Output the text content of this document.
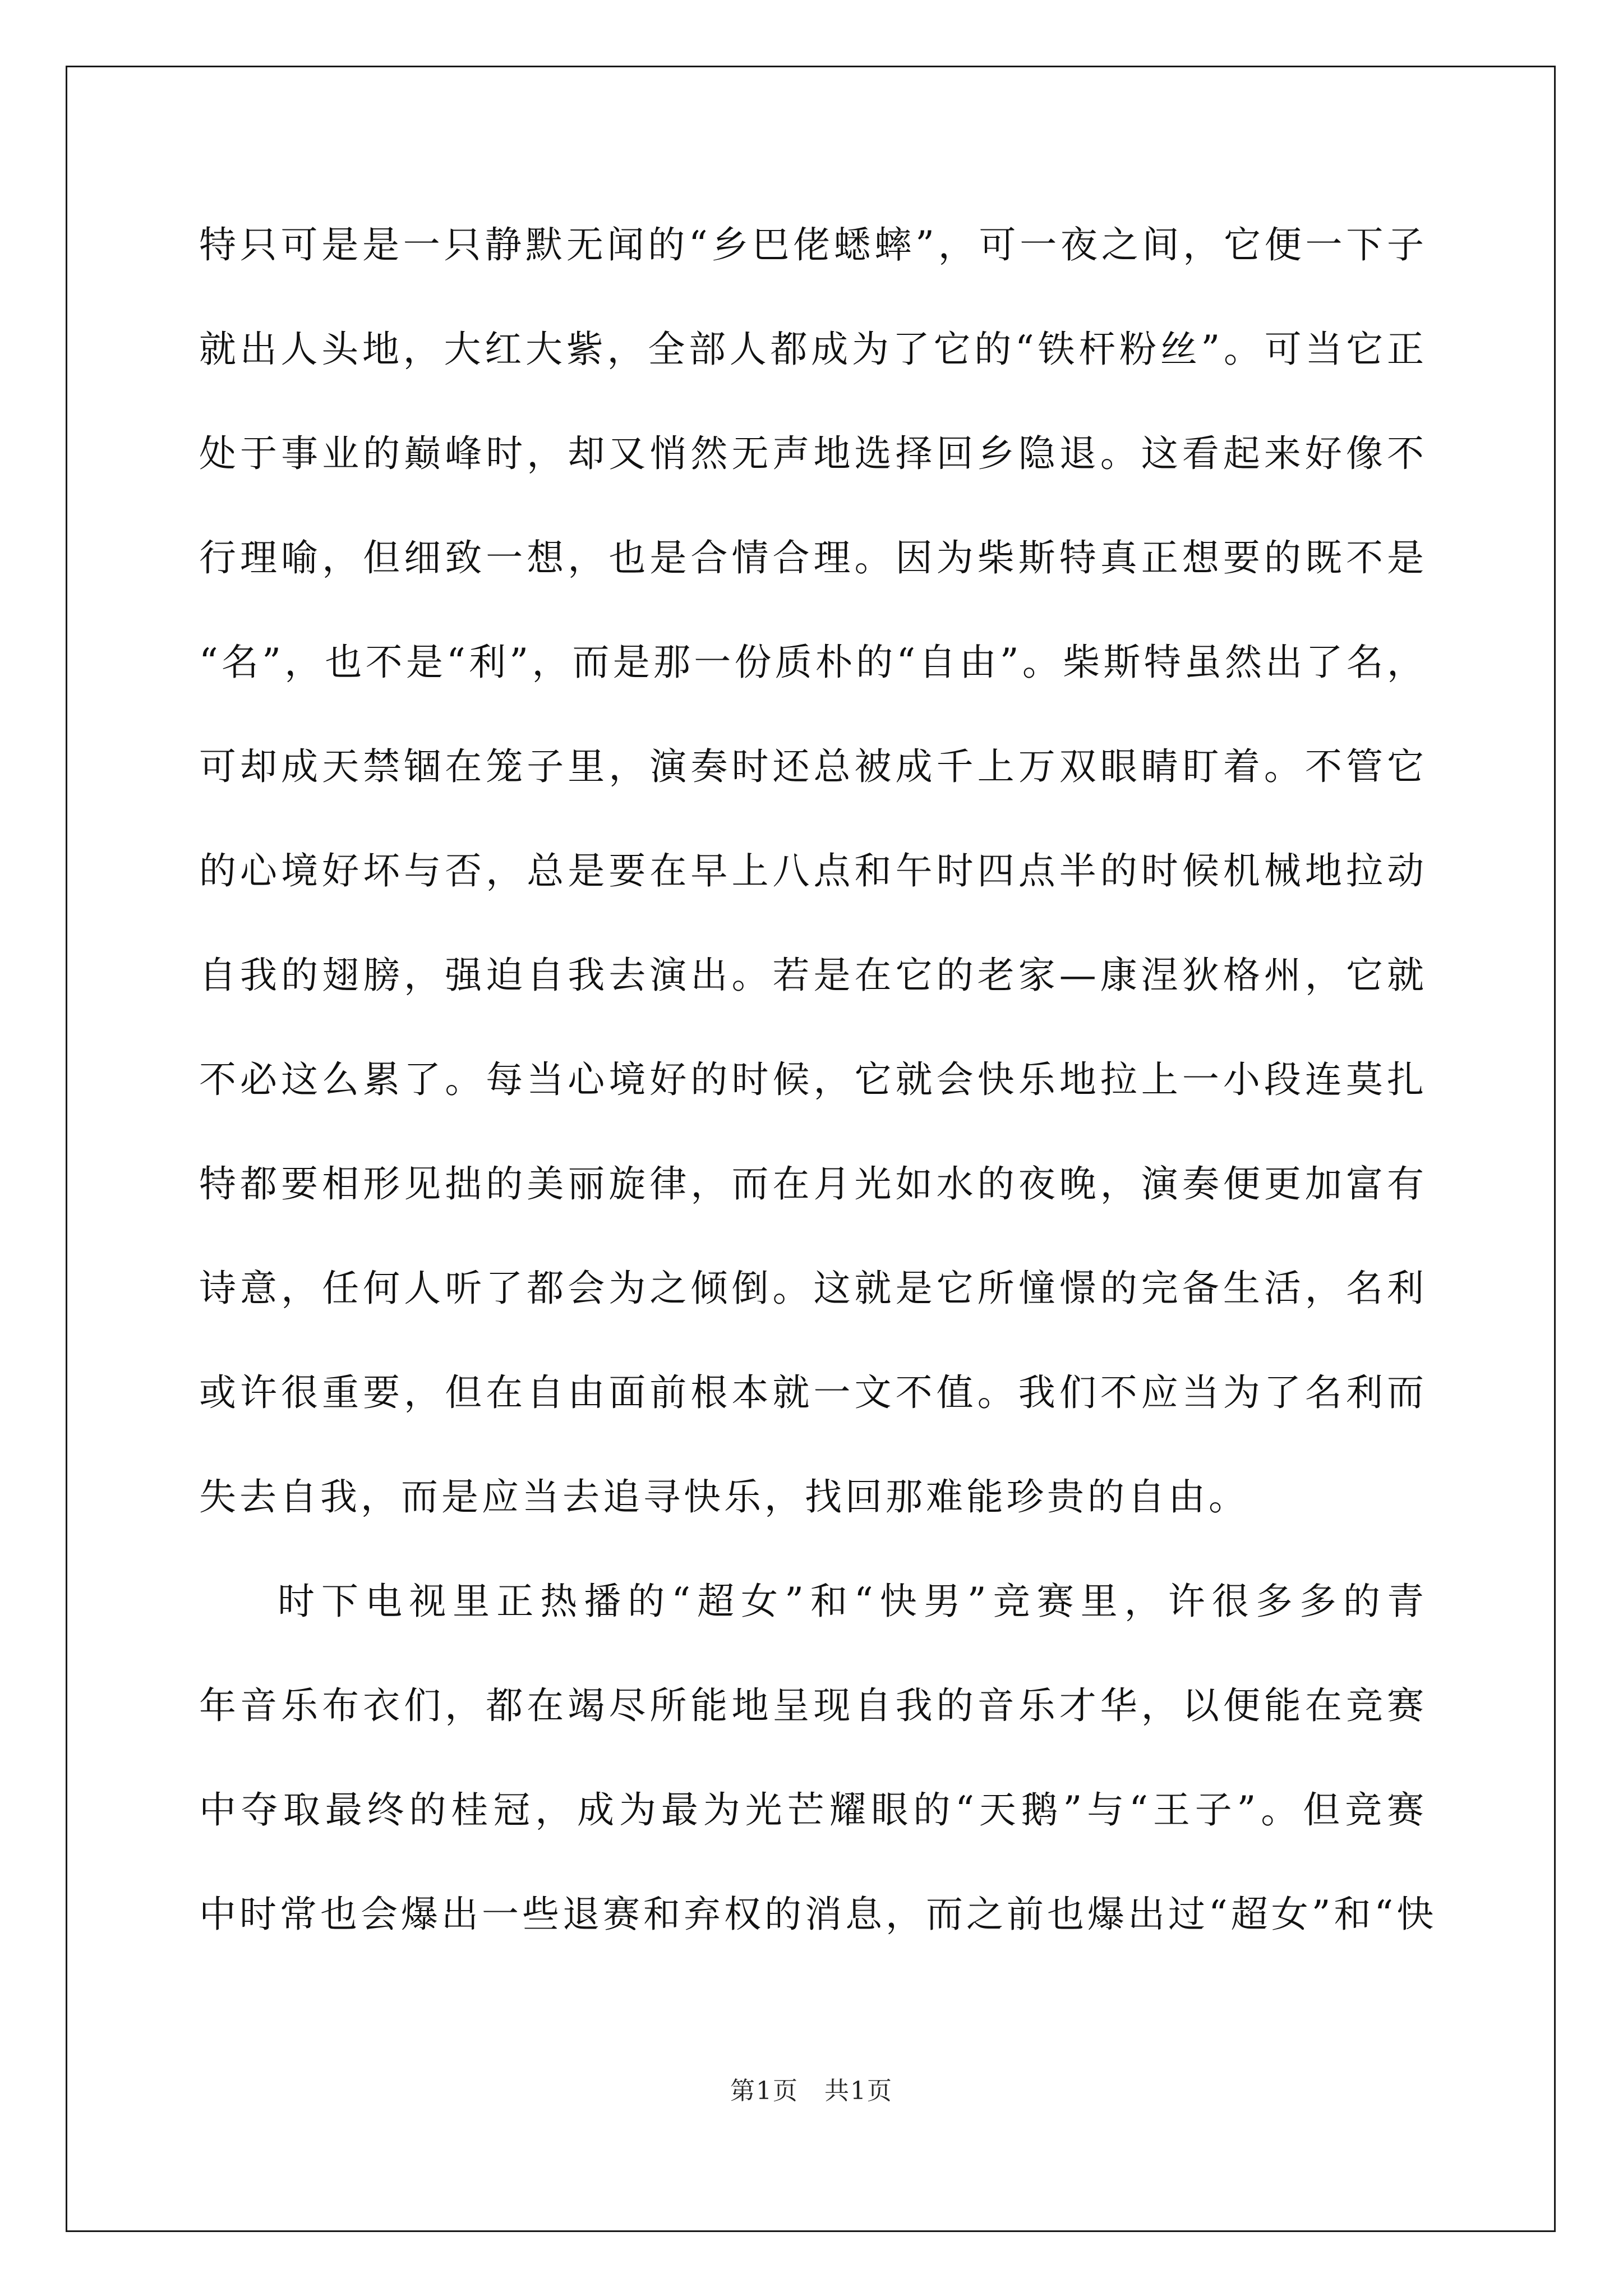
特只可是是一只静默无闻的“乡巴佬蟋蟀”，可一夜之间，它便一下子
就出人头地，大红大紫，全部人都成为了它的“铁杆粉丝”。可当它正
处于事业的巅峰时，却又悄然无声地选择回乡隐退。这看起来好像不
行理喻，但细致一想，也是合情合理。因为柴斯特真正想要的既不是
“名”，也不是“利”，而是那一份质朴的“自由”。柴斯特虽然出了名，
可却成天禁锢在笼子里，演奏时还总被成千上万双眼睛盯着。不管它
的心境好坏与否，总是要在早上八点和午时四点半的时候机械地拉动
自我的翅膀，强迫自我去演出。若是在它的老家—康涅狄格州，它就
不必这么累了。每当心境好的时候，它就会快乐地拉上一小段连莫扎
特都要相形见拙的美丽旋律，而在月光如水的夜晚，演奏便更加富有
诗意，任何人听了都会为之倾倒。这就是它所憧憬的完备生活，名利
或许很重要，但在自由面前根本就一文不值。我们不应当为了名利而
失去自我，而是应当去追寻快乐，找回那难能珍贵的自由。
时下电视里正热播的“超女”和“快男”竞赛里，许很多多的青
年音乐布衣们，都在竭尽所能地呈现自我的音乐才华，以便能在竞赛
中夺取最终的桂冠，成为最为光芒耀眼的“天鹅”与“王子”。但竞赛
中时常也会爆出一些退赛和弃权的消息，而之前也爆出过“超女”和“快
第1页　共1页
